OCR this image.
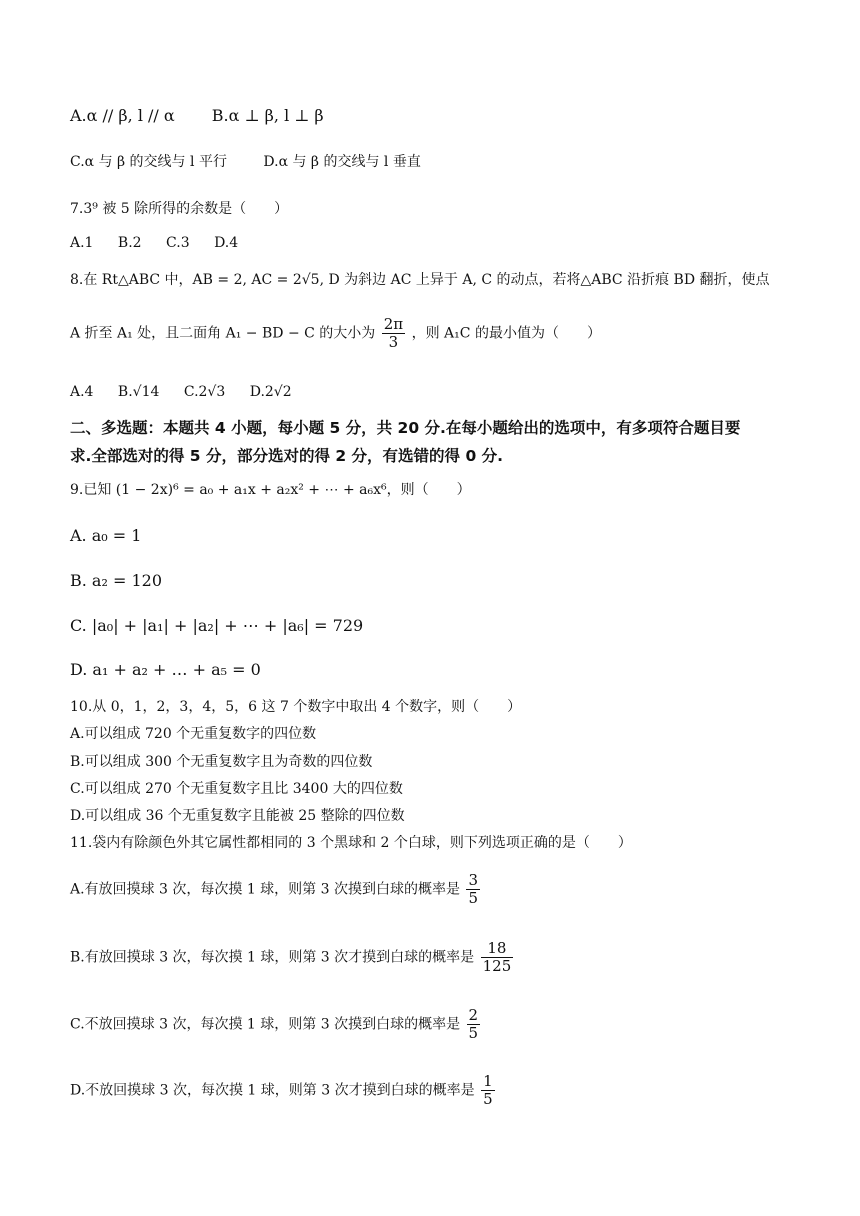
A.α // β, l // α B.α ⊥ β, l ⊥ β
C.α 与 β 的交线与 l 平行	D.α 与 β 的交线与 l 垂直
7.3⁹ 被 5 除所得的余数是（　　）
A.1 B.2 C.3 D.4
8.在 Rt△ABC 中，AB = 2, AC = 2√5, D 为斜边 AC 上异于 A, C 的动点，若将△ABC 沿折痕 BD 翻折，使点
A 折至 A₁ 处，且二面角 A₁ − BD − C 的大小为 $\frac{2\pi}{3}$ ，则 A₁C 的最小值为（　　）
A.4 B.√14 C.2√3 D.2√2
二、多选题：本题共 4 小题，每小题 5 分，共 20 分.在每小题给出的选项中，有多项符合题目要
求.全部选对的得 5 分，部分选对的得 2 分，有选错的得 0 分.
9.已知 (1 − 2x)⁶ = a₀ + a₁x + a₂x² + ⋯ + a₆x⁶，则（　　）
A. a₀ = 1
B. a₂ = 120
C. |a₀| + |a₁| + |a₂| + ⋯ + |a₆| = 729
D. a₁ + a₂ + … + a₅ = 0
10.从 0，1，2，3，4，5，6 这 7 个数字中取出 4 个数字，则（　　）
A.可以组成 720 个无重复数字的四位数
B.可以组成 300 个无重复数字且为奇数的四位数
C.可以组成 270 个无重复数字且比 3400 大的四位数
D.可以组成 36 个无重复数字且能被 25 整除的四位数
11.袋内有除颜色外其它属性都相同的 3 个黑球和 2 个白球，则下列选项正确的是（　　）
A.有放回摸球 3 次，每次摸 1 球，则第 3 次摸到白球的概率是 $\frac{3}{5}$
B.有放回摸球 3 次，每次摸 1 球，则第 3 次才摸到白球的概率是 $\frac{18}{125}$
C.不放回摸球 3 次，每次摸 1 球，则第 3 次摸到白球的概率是 $\frac{2}{5}$
D.不放回摸球 3 次，每次摸 1 球，则第 3 次才摸到白球的概率是 $\frac{1}{5}$
